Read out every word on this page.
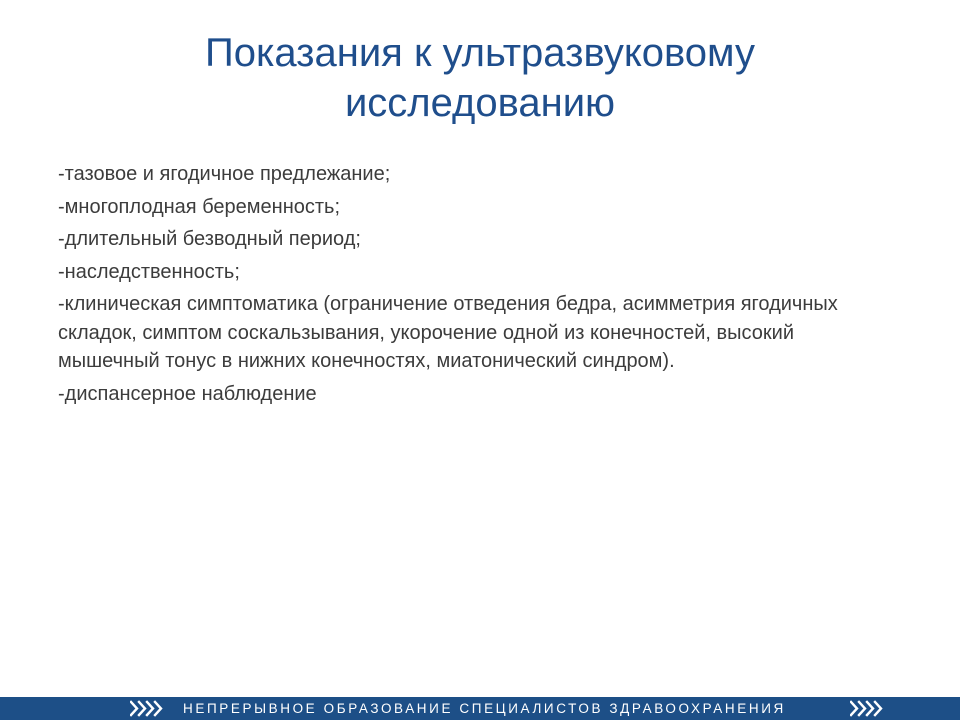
Показания к ультразвуковому исследованию
-тазовое и ягодичное предлежание;
-многоплодная беременность;
-длительный безводный период;
-наследственность;
-клиническая симптоматика (ограничение отведения бедра, асимметрия ягодичных складок, симптом соскальзывания, укорочение одной из конечностей, высокий мышечный тонус в нижних конечностях, миатонический синдром).
-диспансерное наблюдение
НЕПРЕРЫВНОЕ ОБРАЗОВАНИЕ СПЕЦИАЛИСТОВ ЗДРАВООХРАНЕНИЯ
